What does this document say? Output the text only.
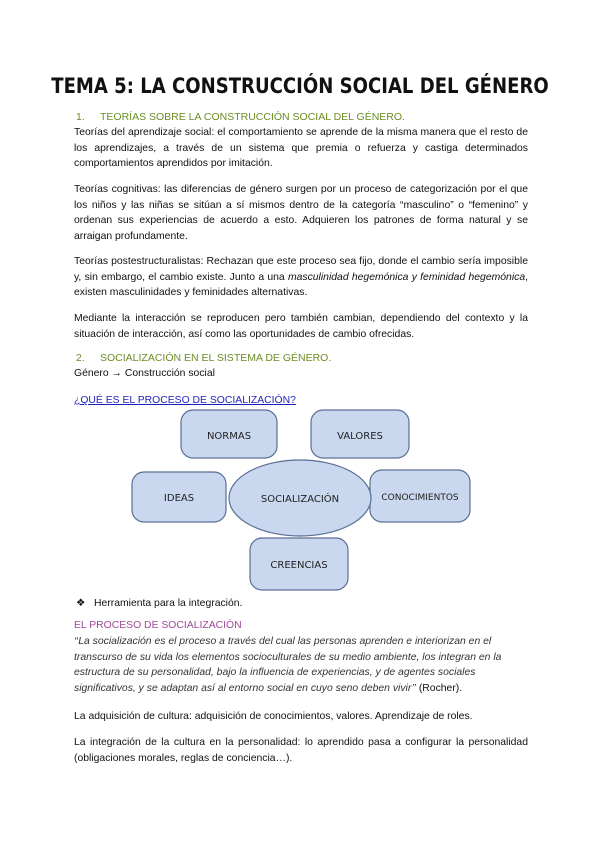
TEMA 5: LA CONSTRUCCIÓN SOCIAL DEL GÉNERO
1. TEORÍAS SOBRE LA CONSTRUCCIÓN SOCIAL DEL GÉNERO.
Teorías del aprendizaje social: el comportamiento se aprende de la misma manera que el resto de los aprendizajes, a través de un sistema que premia o refuerza y castiga determinados comportamientos aprendidos por imitación.
Teorías cognitivas: las diferencias de género surgen por un proceso de categorización por el que los niños y las niñas se sitúan a sí mismos dentro de la categoría “masculino” o “femenino” y ordenan sus experiencias de acuerdo a esto. Adquieren los patrones de forma natural y se arraigan profundamente.
Teorías postestructuralistas: Rechazan que este proceso sea fijo, donde el cambio sería imposible y, sin embargo, el cambio existe. Junto a una masculinidad hegemónica y feminidad hegemónica, existen masculinidades y feminidades alternativas.
Mediante la interacción se reproducen pero también cambian, dependiendo del contexto y la situación de interacción, así como las oportunidades de cambio ofrecidas.
2. SOCIALIZACIÓN EN EL SISTEMA DE GÉNERO.
Género → Construcción social
¿QUÉ ES EL PROCESO DE SOCIALIZACIÓN?
NORMAS	VALORES
IDEAS	CONOCIMIENTOS
CREENCIAS
SOCIALIZACIÓN
❖ Herramienta para la integración.
EL PROCESO DE SOCIALIZACIÓN
‘‘La socialización es el proceso a través del cual las personas aprenden e interiorizan en el transcurso de su vida los elementos socioculturales de su medio ambiente, los integran en la estructura de su personalidad, bajo la influencia de experiencias, y de agentes sociales significativos, y se adaptan así al entorno social en cuyo seno deben vivir’’ (Rocher).
La adquisición de cultura: adquisición de conocimientos, valores. Aprendizaje de roles.
La integración de la cultura en la personalidad: lo aprendido pasa a configurar la personalidad (obligaciones morales, reglas de conciencia…).
